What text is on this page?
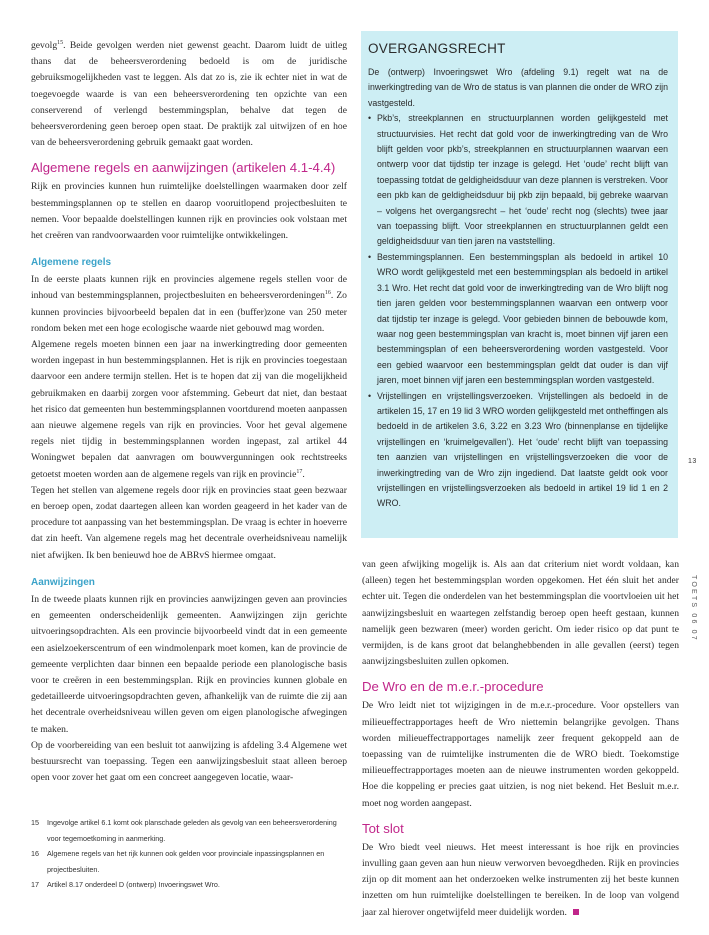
gevolg$^{15}$. Beide gevolgen werden niet gewenst geacht. Daarom luidt de uitleg thans dat de beheersverordening bedoeld is om de juridische gebruiksmogelijkheden vast te leggen. Als dat zo is, zie ik echter niet in wat de toegevoegde waarde is van een beheersverordening ten opzichte van een conserverend of verlengd bestemmingsplan, behalve dat tegen de beheersverordening geen beroep open staat. De praktijk zal uitwijzen of en hoe van de beheersverordening gebruik gemaakt gaat worden.

Algemene regels en aanwijzingen (artikelen 4.1-4.4)

Rijk en provincies kunnen hun ruimtelijke doelstellingen waarmaken door zelf bestemmingsplannen op te stellen en daarop vooruitlopend projectbesluiten te nemen. Voor bepaalde doelstellingen kunnen rijk en provincies ook volstaan met het creëren van randvoorwaarden voor ruimtelijke ontwikkelingen.

Algemene regels

In de eerste plaats kunnen rijk en provincies algemene regels stellen voor de inhoud van bestemmingsplannen, projectbesluiten en beheersverordeningen$^{16}$. Zo kunnen provincies bijvoorbeeld bepalen dat in een (buffer)zone van 250 meter rondom beken met een hoge ecologische waarde niet gebouwd mag worden.

Algemene regels moeten binnen een jaar na inwerkingtreding door gemeenten worden ingepast in hun bestemmingsplannen. Het is rijk en provincies toegestaan daarvoor een andere termijn stellen. Het is te hopen dat zij van die mogelijkheid gebruikmaken en daarbij zorgen voor afstemming. Gebeurt dat niet, dan bestaat het risico dat gemeenten hun bestemmingsplannen voortdurend moeten aanpassen aan nieuwe algemene regels van rijk en provincies. Voor het geval algemene regels niet tijdig in bestemmingsplannen worden ingepast, zal artikel 44 Woningwet bepalen dat aanvragen om bouwvergunningen ook rechtstreeks getoetst moeten worden aan de algemene regels van rijk en provincie$^{17}$.

Tegen het stellen van algemene regels door rijk en provincies staat geen bezwaar en beroep open, zodat daartegen alleen kan worden geageerd in het kader van de procedure tot aanpassing van het bestemmingsplan. De vraag is echter in hoeverre dat zin heeft. Van algemene regels mag het decentrale overheidsniveau namelijk niet afwijken. Ik ben benieuwd hoe de ABRvS hiermee omgaat.

Aanwijzingen

In de tweede plaats kunnen rijk en provincies aanwijzingen geven aan provincies en gemeenten onderscheidenlijk gemeenten. Aanwijzingen zijn gerichte uitvoeringsopdrachten. Als een provincie bijvoorbeeld vindt dat in een gemeente een asielzoekerscentrum of een windmolenpark moet komen, kan de provincie de gemeente verplichten daar binnen een bepaalde periode een planologische basis voor te creëren in een bestemmingsplan. Rijk en provincies kunnen globale en gedetailleerde uitvoeringsopdrachten geven, afhankelijk van de ruimte die zij aan het decentrale overheidsniveau willen geven om eigen planologische afwegingen te maken.

Op de voorbereiding van een besluit tot aanwijzing is afdeling 3.4 Algemene wet bestuursrecht van toepassing. Tegen een aanwijzingsbesluit staat alleen beroep open voor zover het gaat om een concreet aangegeven locatie, waar-

15	Ingevolge artikel 6.1 komt ook planschade geleden als gevolg van een beheersverordening voor tegemoetkoming in aanmerking.
16	Algemene regels van het rijk kunnen ook gelden voor provinciale inpassingsplannen en projectbesluiten.
17	Artikel 8.17 onderdeel D (ontwerp) Invoeringswet Wro.
OVERGANGSRECHT

De (ontwerp) Invoeringswet Wro (afdeling 9.1) regelt wat na de inwerkingtreding van de Wro de status is van plannen die onder de WRO zijn vastgesteld.

• Pkb’s, streekplannen en structuurplannen worden gelijkgesteld met structuurvisies. Het recht dat gold voor de inwerkingtreding van de Wro blijft gelden voor pkb’s, streekplannen en structuurplannen waarvan een ontwerp voor dat tijdstip ter inzage is gelegd. Het ‘oude’ recht blijft van toepassing totdat de geldigheidsduur van deze plannen is verstreken. Voor een pkb kan de geldigheidsduur bij pkb zijn bepaald, bij gebreke waarvan – volgens het overgangsrecht – het ‘oude’ recht nog (slechts) twee jaar van toepassing blijft. Voor streekplannen en structuurplannen geldt een geldigheidsduur van tien jaren na vaststelling.
• Bestemmingsplannen. Een bestemmingsplan als bedoeld in artikel 10 WRO wordt gelijkgesteld met een bestemmingsplan als bedoeld in artikel 3.1 Wro. Het recht dat gold voor de inwerkingtreding van de Wro blijft nog tien jaren gelden voor bestemmingsplannen waarvan een ontwerp voor dat tijdstip ter inzage is gelegd. Voor gebieden binnen de bebouwde kom, waar nog geen bestemmingsplan van kracht is, moet binnen vijf jaren een bestemmingsplan of een beheersverordening worden vastgesteld. Voor een gebied waarvoor een bestemmingsplan geldt dat ouder is dan vijf jaren, moet binnen vijf jaren een bestemmingsplan worden vastgesteld.
• Vrijstellingen en vrijstellingsverzoeken. Vrijstellingen als bedoeld in de artikelen 15, 17 en 19 lid 3 WRO worden gelijkgesteld met ontheffingen als bedoeld in de artikelen 3.6, 3.22 en 3.23 Wro (binnenplanse en tijdelijke vrijstellingen en ‘kruimelgevallen’). Het ‘oude’ recht blijft van toepassing ten aanzien van vrijstellingen en vrijstellingsverzoeken die voor de inwerkingtreding van de Wro zijn ingediend. Dat laatste geldt ook voor vrijstellingen en vrijstellingsverzoeken als bedoeld in artikel 19 lid 1 en 2 WRO.
13
TOETS 06 07

van geen afwijking mogelijk is. Als aan dat criterium niet wordt voldaan, kan (alleen) tegen het bestemmingsplan worden opgekomen. Het één sluit het ander echter uit. Tegen die onderdelen van het bestemmingsplan die voortvloeien uit het aanwijzingsbesluit en waartegen zelfstandig beroep open heeft gestaan, kunnen namelijk geen bezwaren (meer) worden gericht. Om ieder risico op dat punt te vermijden, is de kans groot dat belanghebbenden in alle gevallen (eerst) tegen aanwijzingsbesluiten zullen opkomen.

De Wro en de m.e.r.-procedure

De Wro leidt niet tot wijzigingen in de m.e.r.-procedure. Voor opstellers van milieueffectrapportages heeft de Wro niettemin belangrijke gevolgen. Thans worden milieueffectrapportages namelijk zeer frequent gekoppeld aan de toepassing van de ruimtelijke instrumenten die de WRO biedt. Toekomstige milieueffectrapportages moeten aan de nieuwe instrumenten worden gekoppeld. Hoe die koppeling er precies gaat uitzien, is nog niet bekend. Het Besluit m.e.r. moet nog worden aangepast.

Tot slot

De Wro biedt veel nieuws. Het meest interessant is hoe rijk en provincies invulling gaan geven aan hun nieuw verworven bevoegdheden. Rijk en provincies zijn op dit moment aan het onderzoeken welke instrumenten zij het beste kunnen inzetten om hun ruimtelijke doelstellingen te bereiken. In de loop van volgend jaar zal hierover ongetwijfeld meer duidelijk worden.
